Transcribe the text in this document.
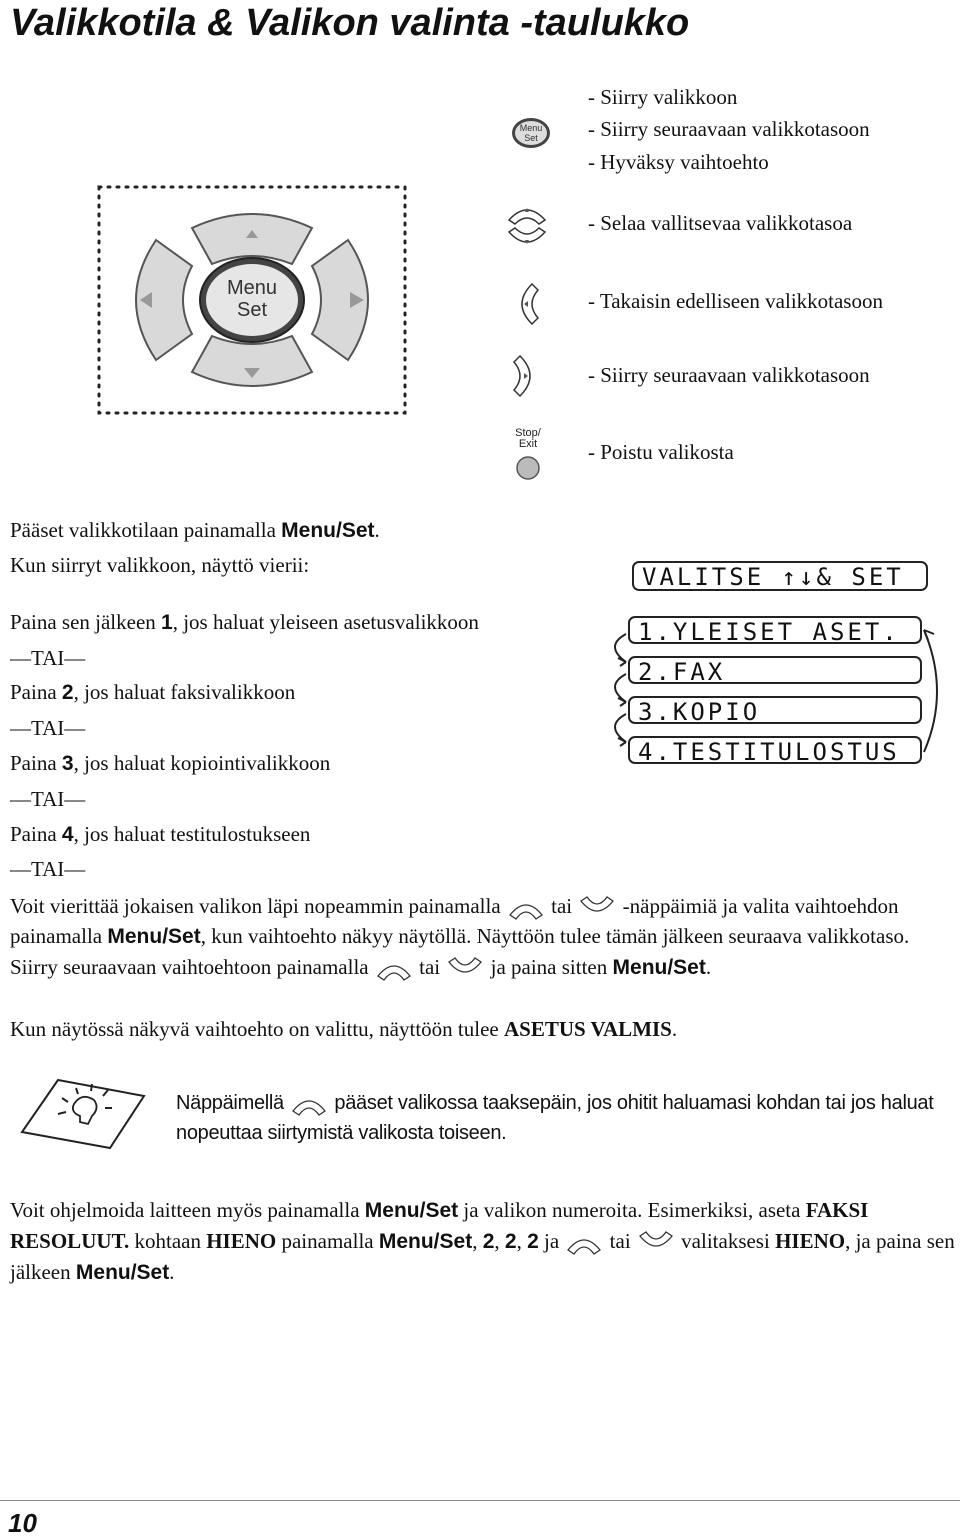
Valikkotila & Valikon valinta -taulukko
Menu
Set
Menu
Set
Stop/
Exit
- Siirry valikkoon
- Siirry seuraavaan valikkotasoon
- Hyväksy vaihtoehto
- Selaa vallitsevaa valikkotasoa
- Takaisin edelliseen valikkotasoon
- Siirry seuraavaan valikkotasoon
- Poistu valikosta
Pääset valikkotilaan painamalla Menu/Set.
Kun siirryt valikkoon, näyttö vierii:	VALITSE ↑↓& SET
1.YLEISET ASET.
2.FAX
3.KOPIO
4.TESTITULOSTUS
Paina sen jälkeen 1, jos haluat yleiseen asetusvalikkoon
—TAI—
Paina 2, jos haluat faksivalikkoon
—TAI—
Paina 3, jos haluat kopiointivalikkoon
—TAI—
Paina 4, jos haluat testitulostukseen
—TAI—
Voit vierittää jokaisen valikon läpi nopeammin painamalla  tai  -näppäimiä ja valita vaihtoehdon painamalla Menu/Set, kun vaihtoehto näkyy näytöllä. Näyttöön tulee tämän jälkeen seuraava valikkotaso. Siirry seuraavaan vaihtoehtoon painamalla  tai  ja paina sitten Menu/Set.
Kun näytössä näkyvä vaihtoehto on valittu, näyttöön tulee ASETUS VALMIS.
Näppäimellä  pääset valikossa taaksepäin, jos ohitit haluamasi kohdan tai jos haluat nopeuttaa siirtymistä valikosta toiseen.
Voit ohjelmoida laitteen myös painamalla Menu/Set ja valikon numeroita. Esimerkiksi, aseta FAKSI RESOLUUT. kohtaan HIENO painamalla Menu/Set, 2, 2, 2 ja  tai  valitaksesi HIENO, ja paina sen jälkeen Menu/Set.
10
